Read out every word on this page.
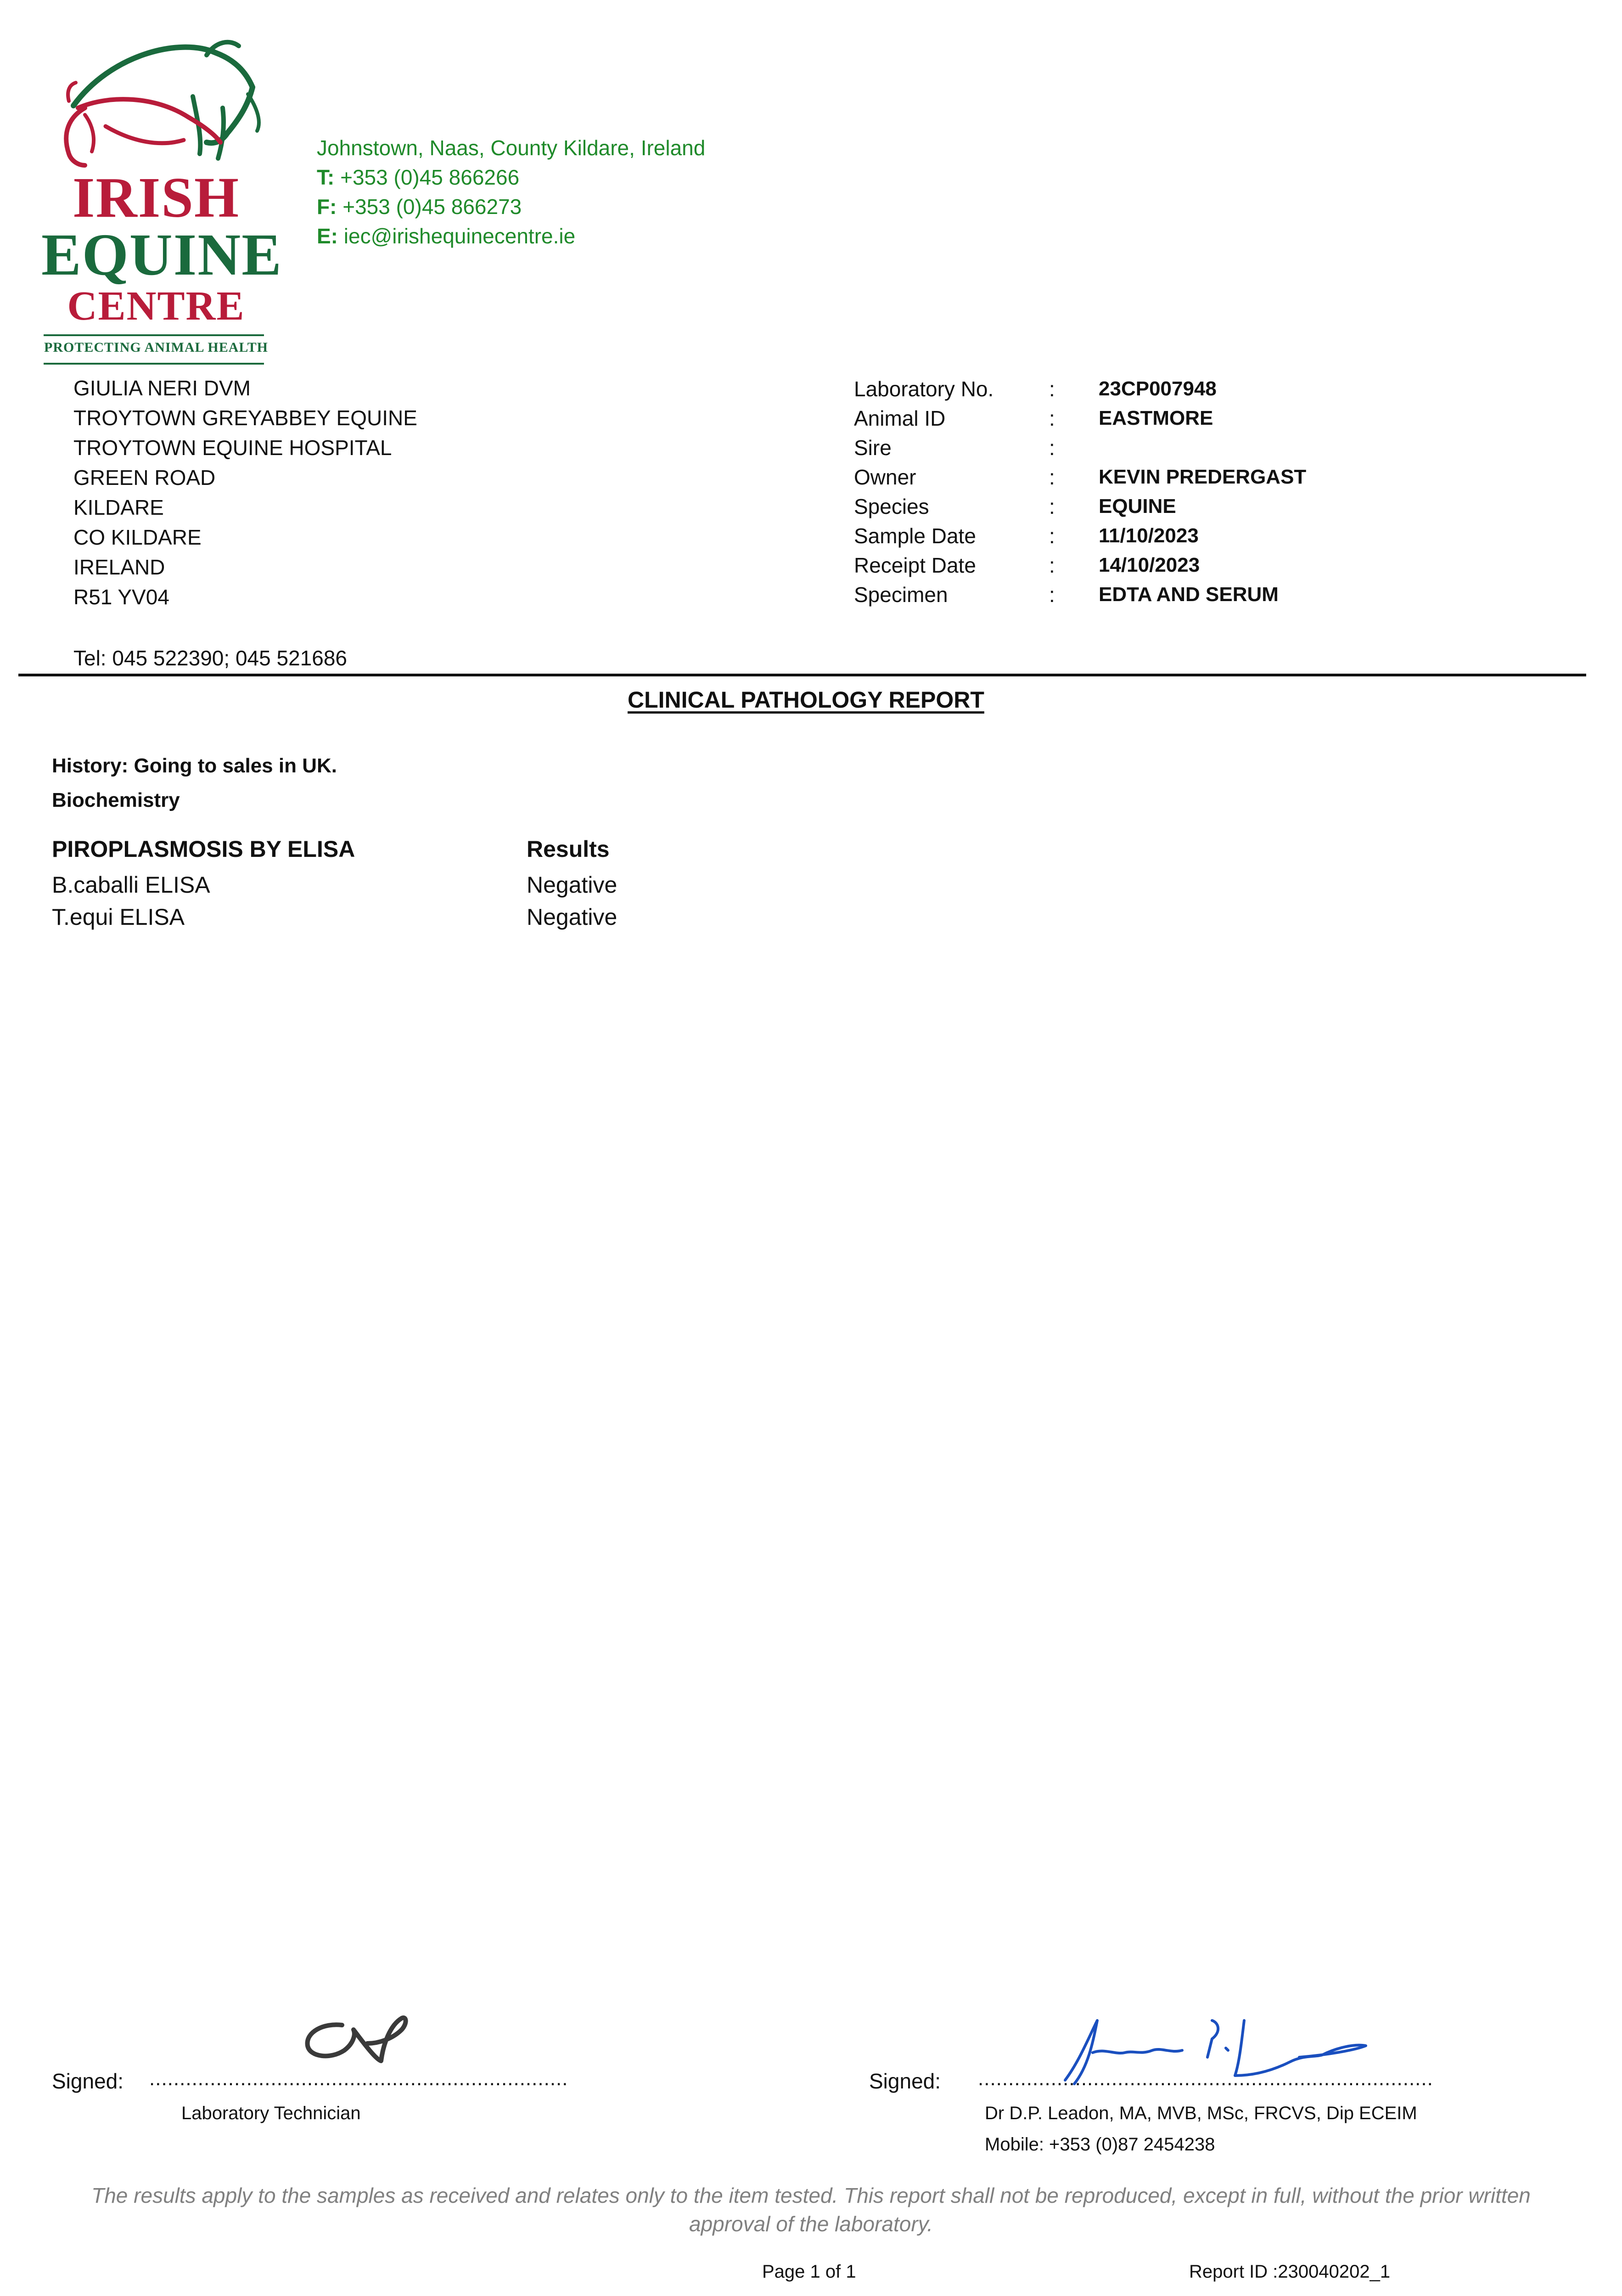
IRISH
EQUINE
CENTRE
PROTECTING ANIMAL HEALTH
Johnstown, Naas, County Kildare, Ireland
T: +353 (0)45 866266
F: +353 (0)45 866273
E: iec@irishequinecentre.ie
GIULIA NERI DVM
TROYTOWN GREYABBEY EQUINE
TROYTOWN EQUINE HOSPITAL
GREEN ROAD
KILDARE
CO KILDARE
IRELAND
R51 YV04
Tel: 045 522390; 045 521686
Laboratory No.	: 23CP007948
Animal ID	: EASTMORE
Sire	:
Owner	: KEVIN PREDERGAST
Species	: EQUINE
Sample Date	: 11/10/2023
Receipt Date	: 14/10/2023
Specimen	: EDTA AND SERUM
CLINICAL PATHOLOGY REPORT
History: Going to sales in UK.
Biochemistry
PIROPLASMOSIS BY ELISA	Results
B.caballi ELISA	Negative
T.equi ELISA	Negative
Signed: .....................................................................
Laboratory Technician
Signed: ...........................................................................
Dr D.P. Leadon, MA, MVB, MSc, FRCVS, Dip ECEIM
Mobile: +353 (0)87 2454238
The results apply to the samples as received and relates only to the item tested. This report shall not be reproduced, except in full, without the prior written approval of the laboratory.
Page 1 of 1	Report ID :230040202_1
